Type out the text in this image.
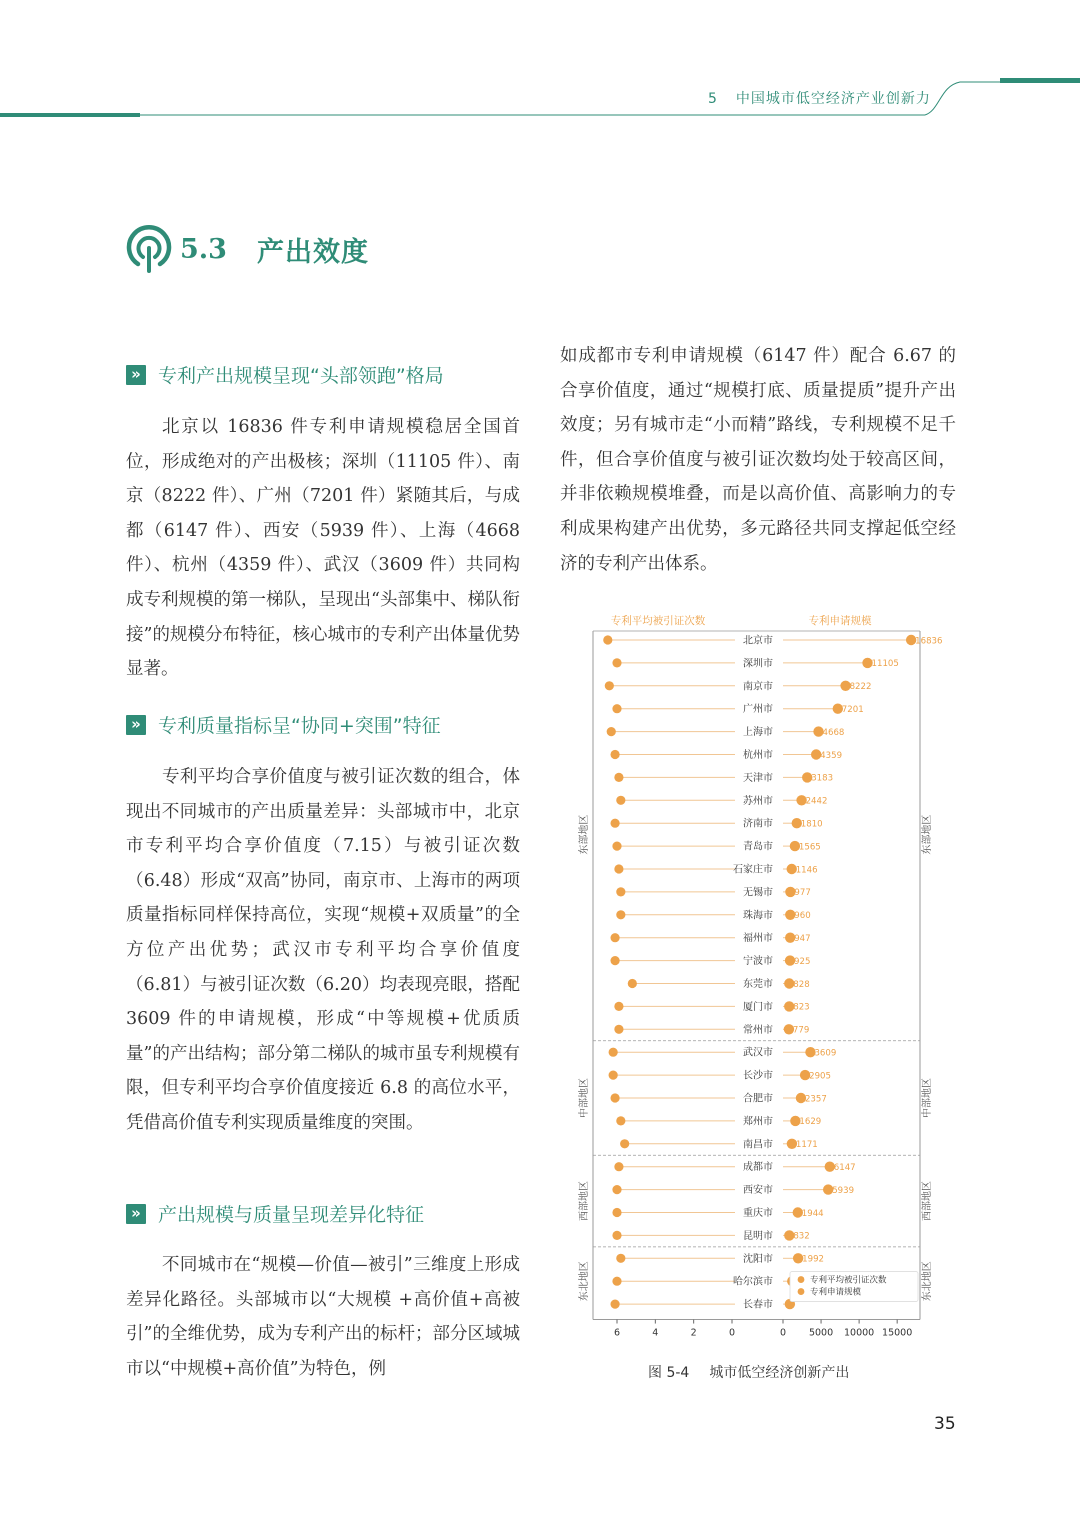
5 中国城市低空经济产业创新力
5.3 产出效度
» 专利产出规模呈现“头部领跑”格局
北京以 16836 件专利申请规模稳居全国首位，形成绝对的产出极核；深圳（11105 件）、南京（8222 件）、广州（7201 件）紧随其后，与成都（6147 件）、西安（5939 件）、上海（4668 件）、杭州（4359 件）、武汉（3609 件）共同构成专利规模的第一梯队，呈现出“头部集中、梯队衔接”的规模分布特征，核心城市的专利产出体量优势显著。
» 专利质量指标呈“协同+突围”特征
专利平均合享价值度与被引证次数的组合，体现出不同城市的产出质量差异：头部城市中，北京市专利平均合享价值度（7.15）与被引证次数（6.48）形成“双高”协同，南京市、上海市的两项质量指标同样保持高位，实现“规模+双质量”的全方位产出优势；武汉市专利平均合享价值度（6.81）与被引证次数（6.20）均表现亮眼，搭配 3609 件的申请规模，形成“中等规模+优质质量”的产出结构；部分第二梯队的城市虽专利规模有限，但专利平均合享价值度接近 6.8 的高位水平，凭借高价值专利实现质量维度的突围。
» 产出规模与质量呈现差异化特征
不同城市在“规模—价值—被引”三维度上形成差异化路径。头部城市以“大规模 +高价值+高被引”的全维优势，成为专利产出的标杆；部分区域城市以“中规模+高价值”为特色，例
如成都市专利申请规模（6147 件）配合 6.67 的合享价值度，通过“规模打底、质量提质”提升产出效度；另有城市走“小而精”路线，专利规模不足千件，但合享价值度与被引证次数均处于较高区间，并非依赖规模堆叠，而是以高价值、高影响力的专利成果构建产出优势，多元路径共同支撑起低空经济的专利产出体系。
专利平均被引证次数	专利申请规模
16836
11105
8222
7201
4668
4359
3183
2442
1810
1565
1146
977
960
947
925
828
823
779
3609
2905
2357
1629
1171
6147
5939
1944
832
1992
北京市
深圳市
南京市
广州市
上海市
杭州市
天津市
苏州市
济南市
青岛市
石家庄市
无锡市
珠海市
福州市
宁波市
东莞市
厦门市
常州市
武汉市
长沙市
合肥市
郑州市
南昌市
成都市
西安市
重庆市
昆明市
沈阳市
哈尔滨市
长春市
东部地区	东部地区
中部地区	中部地区
西部地区	西部地区
东北地区	东北地区
6	4	2	0	0 5000 10000 15000
专利平均被引证次数
专利申请规模
图 5-4 城市低空经济创新产出
35
